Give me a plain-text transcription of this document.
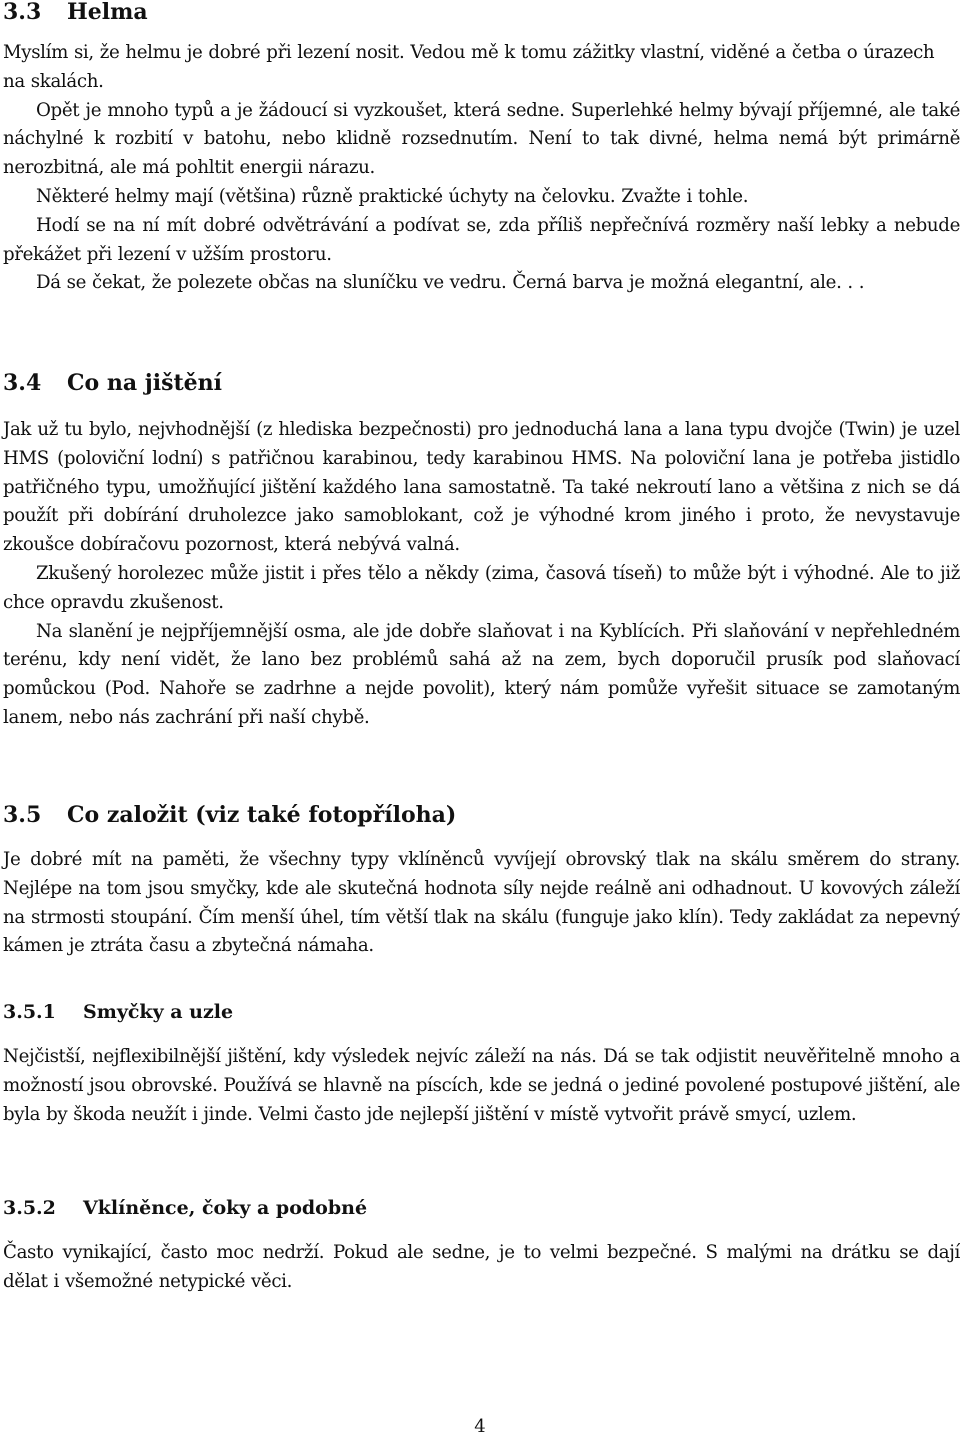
3.3	Helma

Myslím si, že helmu je dobré při lezení nosit. Vedou mě k tomu zážitky vlastní, viděné a četba o úrazech na skalách.

Opět je mnoho typů a je žádoucí si vyzkoušet, která sedne. Superlehké helmy bývají příjemné, ale také náchylné k rozbití v batohu, nebo klidně rozsednutím. Není to tak divné, helma nemá být primárně nerozbitná, ale má pohltit energii nárazu.

Některé helmy mají (většina) různě praktické úchyty na čelovku. Zvažte i tohle.

Hodí se na ní mít dobré odvětrávání a podívat se, zda příliš nepřečnívá rozměry naší lebky a nebude překážet při lezení v užším prostoru.

Dá se čekat, že polezete občas na sluníčku ve vedru. Černá barva je možná elegantní, ale. . .

3.4	Co na jištění

Jak už tu bylo, nejvhodnější (z hlediska bezpečnosti) pro jednoduchá lana a lana typu dvojče (Twin) je uzel HMS (poloviční lodní) s patřičnou karabinou, tedy karabinou HMS. Na poloviční lana je potřeba jistidlo patřičného typu, umožňující jištění každého lana samostatně. Ta také nekroutí lano a většina z nich se dá použít při dobírání druholezce jako samoblokant, což je výhodné krom jiného i proto, že nevystavuje zkoušce dobíračovu pozornost, která nebývá valná.

Zkušený horolezec může jistit i přes tělo a někdy (zima, časová tíseň) to může být i výhodné. Ale to již chce opravdu zkušenost.

Na slanění je nejpříjemnější osma, ale jde dobře slaňovat i na Kyblících. Při slaňování v nepřehledném terénu, kdy není vidět, že lano bez problémů sahá až na zem, bych doporučil prusík pod slaňovací pomůckou (Pod. Nahoře se zadrhne a nejde povolit), který nám pomůže vyřešit situace se zamotaným lanem, nebo nás zachrání při naší chybě.

3.5	Co založit (viz také fotopříloha)

Je dobré mít na paměti, že všechny typy vklíněnců vyvíjejí obrovský tlak na skálu směrem do strany. Nejlépe na tom jsou smyčky, kde ale skutečná hodnota síly nejde reálně ani odhadnout. U kovových záleží na strmosti stoupání. Čím menší úhel, tím větší tlak na skálu (funguje jako klín). Tedy zakládat za nepevný kámen je ztráta času a zbytečná námaha.

3.5.1	Smyčky a uzle

Nejčistší, nejflexibilnější jištění, kdy výsledek nejvíc záleží na nás. Dá se tak odjistit neuvěřitelně mnoho a možností jsou obrovské. Používá se hlavně na píscích, kde se jedná o jediné povolené postupové jištění, ale byla by škoda neužít i jinde. Velmi často jde nejlepší jištění v místě vytvořit právě smycí, uzlem.

3.5.2	Vklíněnce, čoky a podobné

Často vynikající, často moc nedrží. Pokud ale sedne, je to velmi bezpečné. S malými na drátku se dají dělat i všemožné netypické věci.

4
